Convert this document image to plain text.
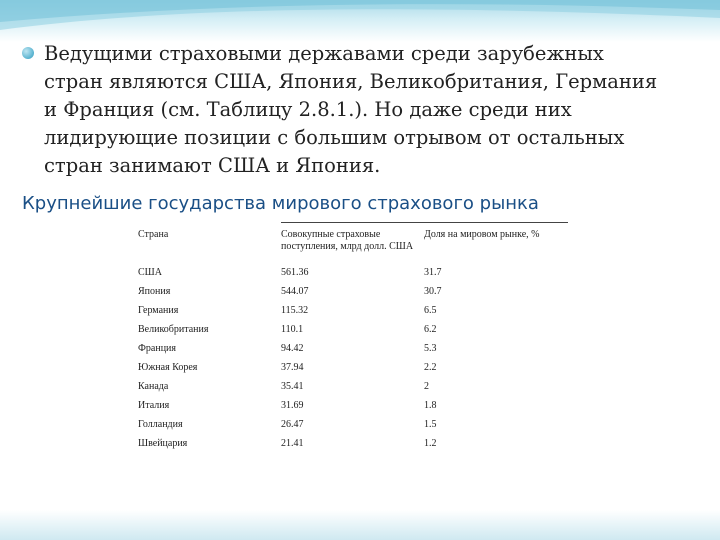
Ведущими страховыми державами среди зарубежных стран являются США, Япония, Великобритания, Германия и Франция (см. Таблицу 2.8.1.). Но даже среди них лидирующие позиции с большим отрывом от остальных стран занимают США и Япония.

Крупнейшие государства мирового страхового рынка

Страна	Совокупные страховые поступления, млрд долл. США	Доля на мировом рынке, %
США	561.36	31.7
Япония	544.07	30.7
Германия	115.32	6.5
Великобритания	110.1	6.2
Франция	94.42	5.3
Южная Корея	37.94	2.2
Канада	35.41	2
Италия	31.69	1.8
Голландия	26.47	1.5
Швейцария	21.41	1.2
